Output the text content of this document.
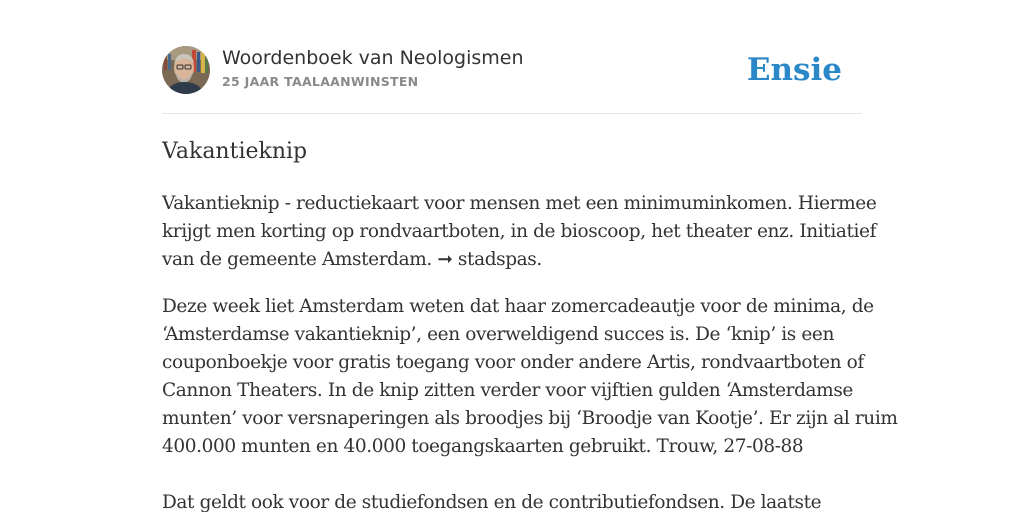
Woordenboek van Neologismen
25 JAAR TAALAANWINSTEN	Ensie
Vakantieknip

Vakantieknip - reductiekaart voor mensen met een minimuminkomen. Hiermee
krijgt men korting op rondvaartboten, in de bioscoop, het theater enz. Initiatief
van de gemeente Amsterdam. ➞ stadspas.

Deze week liet Amsterdam weten dat haar zomercadeautje voor de minima, de
‘Amsterdamse vakantieknip’, een overweldigend succes is. De ‘knip’ is een
couponboekje voor gratis toegang voor onder andere Artis, rondvaartboten of
Cannon Theaters. In de knip zitten verder voor vijftien gulden ‘Amsterdamse
munten’ voor versnaperingen als broodjes bij ‘Broodje van Kootje’. Er zijn al ruim
400.000 munten en 40.000 toegangskaarten gebruikt. Trouw, 27-08-88

Dat geldt ook voor de studiefondsen en de contributiefondsen. De laatste
